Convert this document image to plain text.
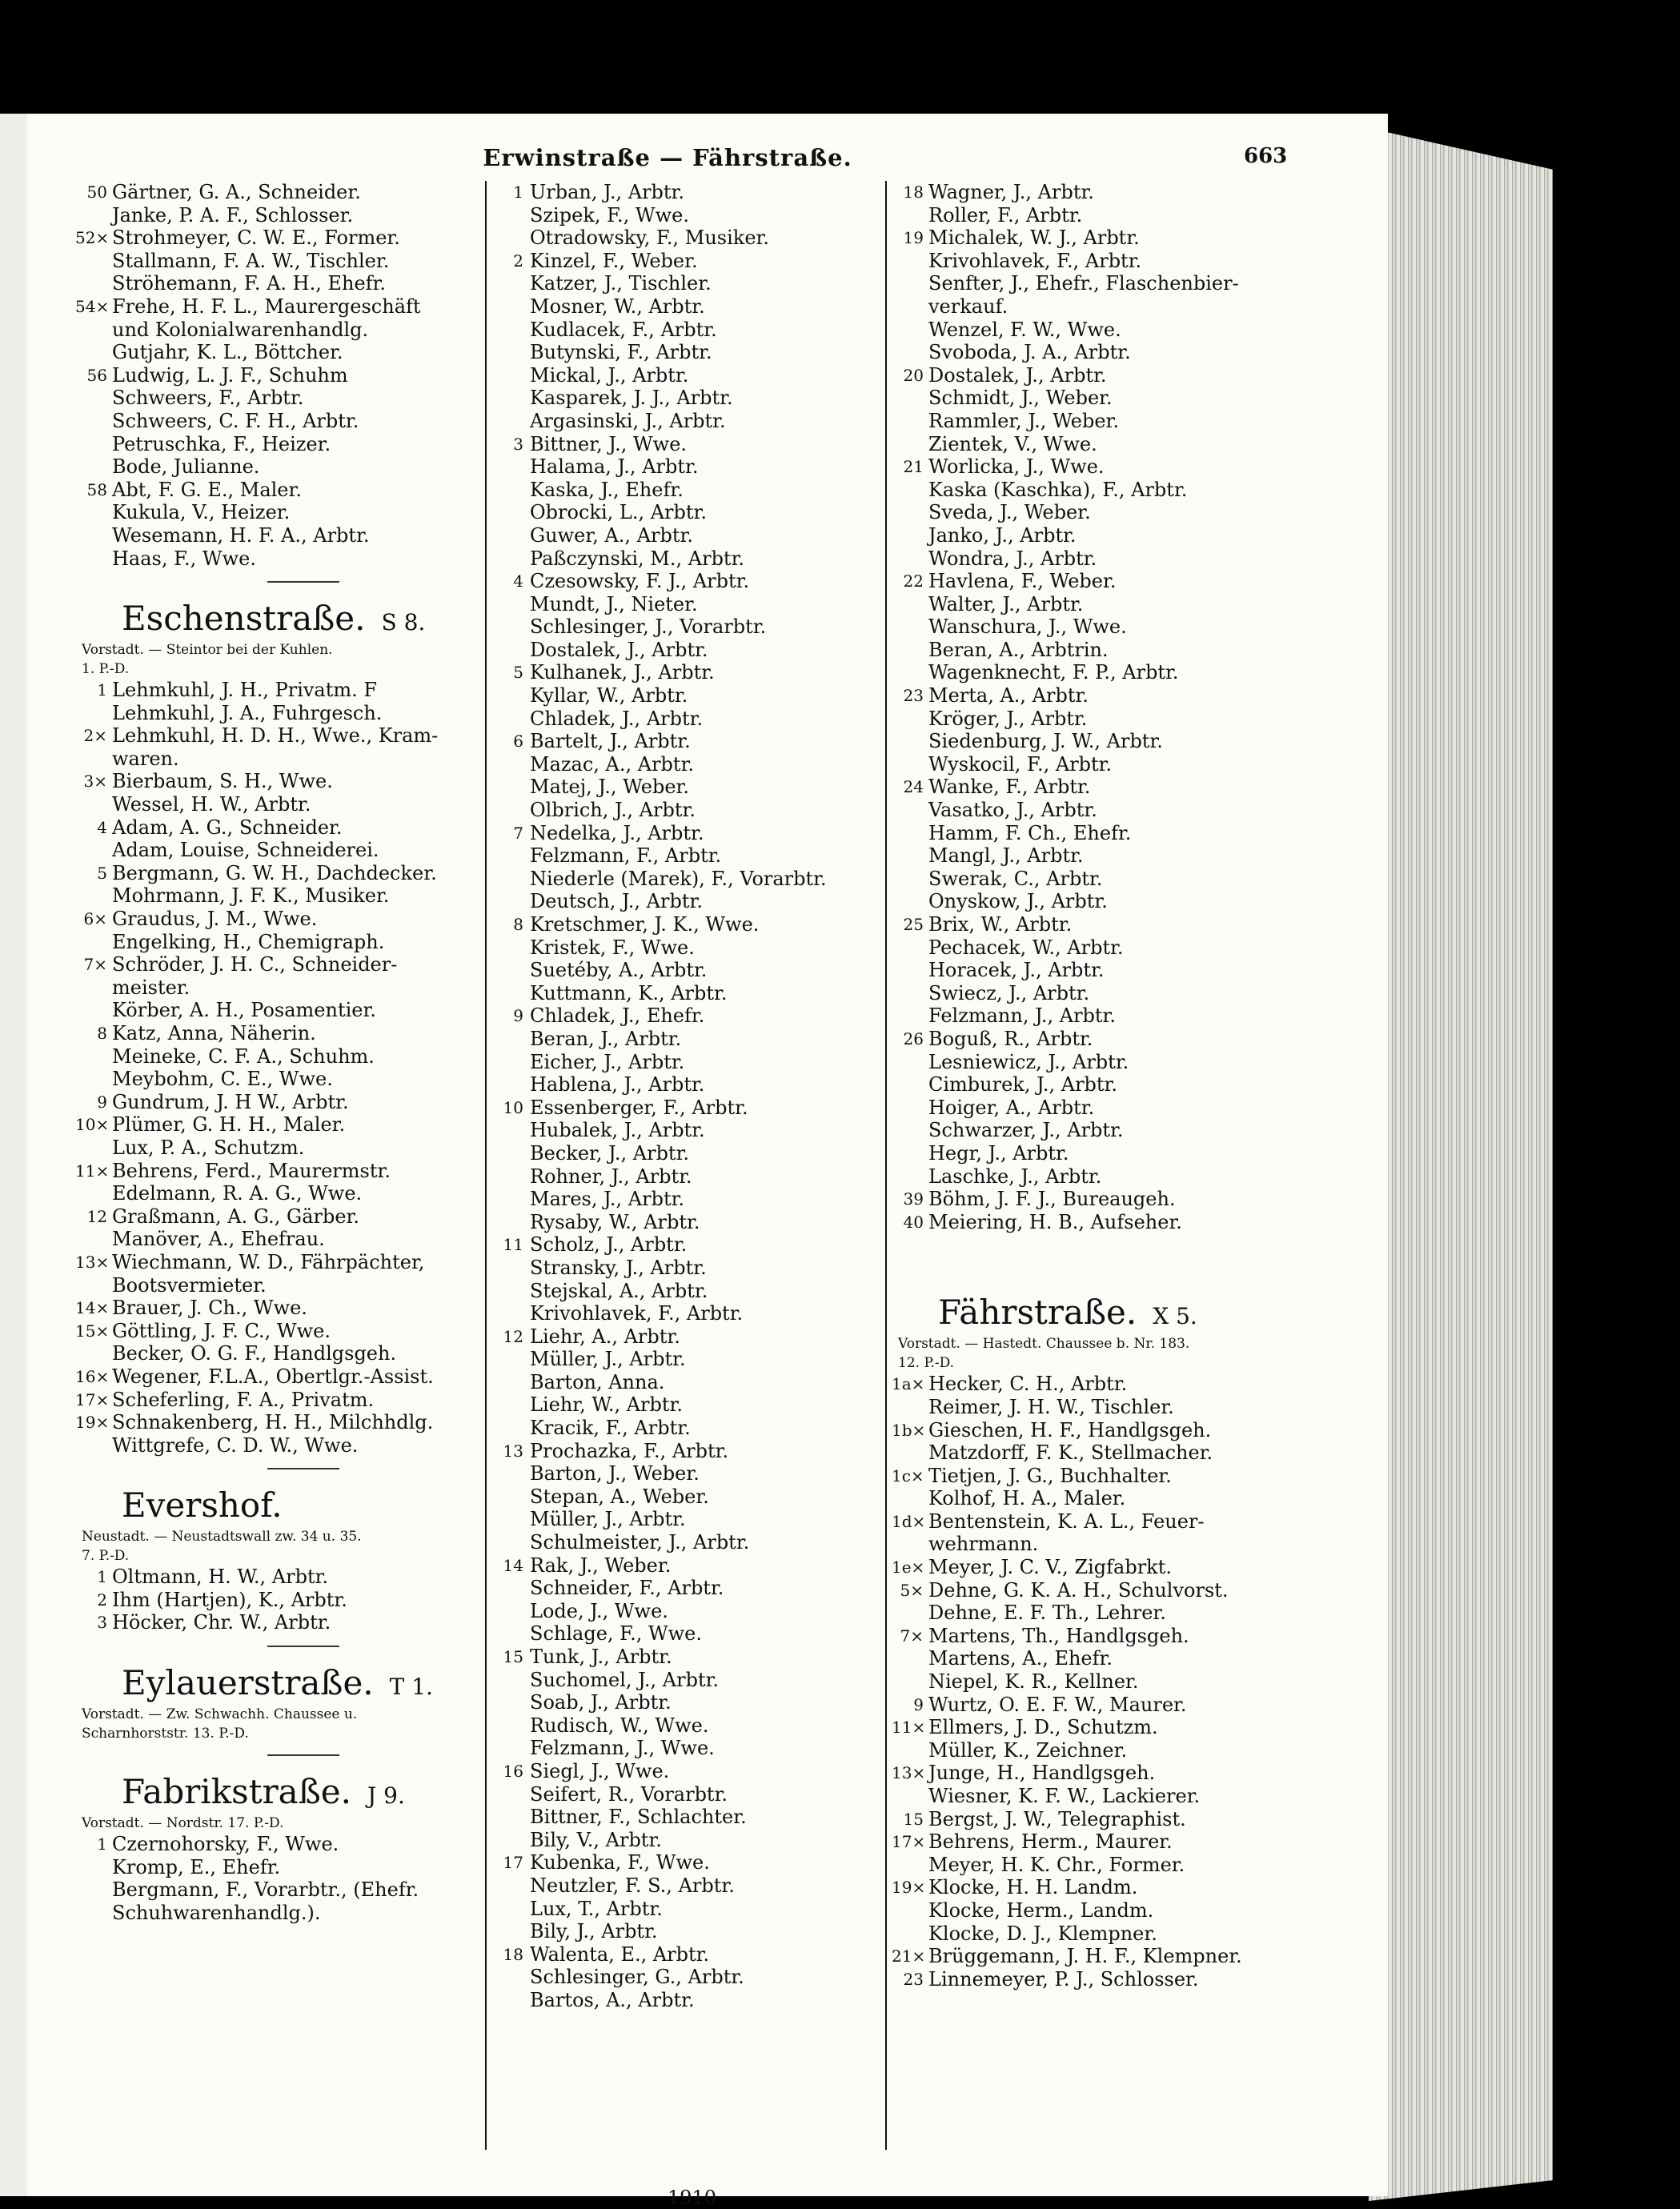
Erwinstraße — Fährstraße.	663
50 Gärtner, G. A., Schneider.
Janke, P. A. F., Schlosser.
52× Strohmeyer, C. W. E., Former.
Stallmann, F. A. W., Tischler.
Ströhemann, F. A. H., Ehefr.
54× Frehe, H. F. L., Maurergeschäft
und Kolonialwarenhandlg.
Gutjahr, K. L., Böttcher.
56 Ludwig, L. J. F., Schuhm
Schweers, F., Arbtr.
Schweers, C. F. H., Arbtr.
Petruschka, F., Heizer.
Bode, Julianne.
58 Abt, F. G. E., Maler.
Kukula, V., Heizer.
Wesemann, H. F. A., Arbtr.
Haas, F., Wwe.
Eschenstraße. S 8.
Vorstadt. — Steintor bei der Kuhlen.
1. P.-D.
1 Lehmkuhl, J. H., Privatm. F
Lehmkuhl, J. A., Fuhrgesch.
2× Lehmkuhl, H. D. H., Wwe., Kram-
waren.
3× Bierbaum, S. H., Wwe.
Wessel, H. W., Arbtr.
4 Adam, A. G., Schneider.
Adam, Louise, Schneiderei.
5 Bergmann, G. W. H., Dachdecker.
Mohrmann, J. F. K., Musiker.
6× Graudus, J. M., Wwe.
Engelking, H., Chemigraph.
7× Schröder, J. H. C., Schneider-
meister.
Körber, A. H., Posamentier.
8 Katz, Anna, Näherin.
Meineke, C. F. A., Schuhm.
Meybohm, C. E., Wwe.
9 Gundrum, J. H W., Arbtr.
10× Plümer, G. H. H., Maler.
Lux, P. A., Schutzm.
11× Behrens, Ferd., Maurermstr.
Edelmann, R. A. G., Wwe.
12 Graßmann, A. G., Gärber.
Manöver, A., Ehefrau.
13× Wiechmann, W. D., Fährpächter,
Bootsvermieter.
14× Brauer, J. Ch., Wwe.
15× Göttling, J. F. C., Wwe.
Becker, O. G. F., Handlgsgeh.
16× Wegener, F.L.A., Obertlgr.-Assist.
17× Scheferling, F. A., Privatm.
19× Schnakenberg, H. H., Milchhdlg.
Wittgrefe, C. D. W., Wwe.
Evershof.
Neustadt. — Neustadtswall zw. 34 u. 35.
7. P.-D.
1 Oltmann, H. W., Arbtr.
2 Ihm (Hartjen), K., Arbtr.
3 Höcker, Chr. W., Arbtr.
Eylauerstraße. T 1.
Vorstadt. — Zw. Schwachh. Chaussee u.
Scharnhorststr. 13. P.-D.
Fabrikstraße. J 9.
Vorstadt. — Nordstr. 17. P.-D.
1 Czernohorsky, F., Wwe.
Kromp, E., Ehefr.
Bergmann, F., Vorarbtr., (Ehefr.
Schuhwarenhandlg.).
1 Urban, J., Arbtr.
Szipek, F., Wwe.
Otradowsky, F., Musiker.
2 Kinzel, F., Weber.
Katzer, J., Tischler.
Mosner, W., Arbtr.
Kudlacek, F., Arbtr.
Butynski, F., Arbtr.
Mickal, J., Arbtr.
Kasparek, J. J., Arbtr.
Argasinski, J., Arbtr.
3 Bittner, J., Wwe.
Halama, J., Arbtr.
Kaska, J., Ehefr.
Obrocki, L., Arbtr.
Guwer, A., Arbtr.
Paßczynski, M., Arbtr.
4 Czesowsky, F. J., Arbtr.
Mundt, J., Nieter.
Schlesinger, J., Vorarbtr.
Dostalek, J., Arbtr.
5 Kulhanek, J., Arbtr.
Kyllar, W., Arbtr.
Chladek, J., Arbtr.
6 Bartelt, J., Arbtr.
Mazac, A., Arbtr.
Matej, J., Weber.
Olbrich, J., Arbtr.
7 Nedelka, J., Arbtr.
Felzmann, F., Arbtr.
Niederle (Marek), F., Vorarbtr.
Deutsch, J., Arbtr.
8 Kretschmer, J. K., Wwe.
Kristek, F., Wwe.
Suetéby, A., Arbtr.
Kuttmann, K., Arbtr.
9 Chladek, J., Ehefr.
Beran, J., Arbtr.
Eicher, J., Arbtr.
Hablena, J., Arbtr.
10 Essenberger, F., Arbtr.
Hubalek, J., Arbtr.
Becker, J., Arbtr.
Rohner, J., Arbtr.
Mares, J., Arbtr.
Rysaby, W., Arbtr.
11 Scholz, J., Arbtr.
Stransky, J., Arbtr.
Stejskal, A., Arbtr.
Krivohlavek, F., Arbtr.
12 Liehr, A., Arbtr.
Müller, J., Arbtr.
Barton, Anna.
Liehr, W., Arbtr.
Kracik, F., Arbtr.
13 Prochazka, F., Arbtr.
Barton, J., Weber.
Stepan, A., Weber.
Müller, J., Arbtr.
Schulmeister, J., Arbtr.
14 Rak, J., Weber.
Schneider, F., Arbtr.
Lode, J., Wwe.
Schlage, F., Wwe.
15 Tunk, J., Arbtr.
Suchomel, J., Arbtr.
Soab, J., Arbtr.
Rudisch, W., Wwe.
Felzmann, J., Wwe.
16 Siegl, J., Wwe.
Seifert, R., Vorarbtr.
Bittner, F., Schlachter.
Bily, V., Arbtr.
17 Kubenka, F., Wwe.
Neutzler, F. S., Arbtr.
Lux, T., Arbtr.
Bily, J., Arbtr.
18 Walenta, E., Arbtr.
Schlesinger, G., Arbtr.
Bartos, A., Arbtr.
18 Wagner, J., Arbtr.
Roller, F., Arbtr.
19 Michalek, W. J., Arbtr.
Krivohlavek, F., Arbtr.
Senfter, J., Ehefr., Flaschenbier-
verkauf.
Wenzel, F. W., Wwe.
Svoboda, J. A., Arbtr.
20 Dostalek, J., Arbtr.
Schmidt, J., Weber.
Rammler, J., Weber.
Zientek, V., Wwe.
21 Worlicka, J., Wwe.
Kaska (Kaschka), F., Arbtr.
Sveda, J., Weber.
Janko, J., Arbtr.
Wondra, J., Arbtr.
22 Havlena, F., Weber.
Walter, J., Arbtr.
Wanschura, J., Wwe.
Beran, A., Arbtrin.
Wagenknecht, F. P., Arbtr.
23 Merta, A., Arbtr.
Kröger, J., Arbtr.
Siedenburg, J. W., Arbtr.
Wyskocil, F., Arbtr.
24 Wanke, F., Arbtr.
Vasatko, J., Arbtr.
Hamm, F. Ch., Ehefr.
Mangl, J., Arbtr.
Swerak, C., Arbtr.
Onyskow, J., Arbtr.
25 Brix, W., Arbtr.
Pechacek, W., Arbtr.
Horacek, J., Arbtr.
Swiecz, J., Arbtr.
Felzmann, J., Arbtr.
26 Boguß, R., Arbtr.
Lesniewicz, J., Arbtr.
Cimburek, J., Arbtr.
Hoiger, A., Arbtr.
Schwarzer, J., Arbtr.
Hegr, J., Arbtr.
Laschke, J., Arbtr.
39 Böhm, J. F. J., Bureaugeh.
40 Meiering, H. B., Aufseher.
Fährstraße. X 5.
Vorstadt. — Hastedt. Chaussee b. Nr. 183.
12. P.-D.
1a× Hecker, C. H., Arbtr.
Reimer, J. H. W., Tischler.
1b× Gieschen, H. F., Handlgsgeh.
Matzdorff, F. K., Stellmacher.
1c× Tietjen, J. G., Buchhalter.
Kolhof, H. A., Maler.
1d× Bentenstein, K. A. L., Feuer-
wehrmann.
1e× Meyer, J. C. V., Zigfabrkt.
5× Dehne, G. K. A. H., Schulvorst.
Dehne, E. F. Th., Lehrer.
7× Martens, Th., Handlgsgeh.
Martens, A., Ehefr.
Niepel, K. R., Kellner.
9 Wurtz, O. E. F. W., Maurer.
11× Ellmers, J. D., Schutzm.
Müller, K., Zeichner.
13× Junge, H., Handlgsgeh.
Wiesner, K. F. W., Lackierer.
15 Bergst, J. W., Telegraphist.
17× Behrens, Herm., Maurer.
Meyer, H. K. Chr., Former.
19× Klocke, H. H. Landm.
Klocke, Herm., Landm.
Klocke, D. J., Klempner.
21× Brüggemann, J. H. F., Klempner.
23 Linnemeyer, P. J., Schlosser.
1910
